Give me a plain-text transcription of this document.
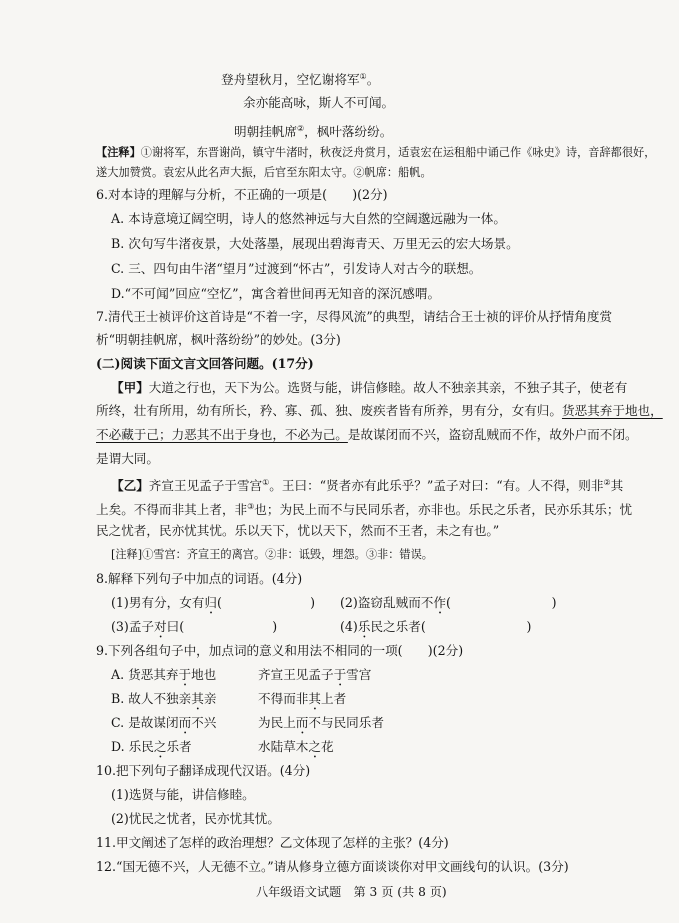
登舟望秋月，空忆谢将军①。
余亦能高咏，斯人不可闻。
明朝挂帆席②，枫叶落纷纷。
【注释】①谢将军，东晋谢尚，镇守牛渚时，秋夜泛舟赏月，适袁宏在运租船中诵己作《咏史》诗，音辞都很好，
遂大加赞赏。袁宏从此名声大振，后官至东阳太守。②帆席：船帆。
6.对本诗的理解与分析，不正确的一项是(　　)(2分)
A. 本诗意境辽阔空明，诗人的悠然神远与大自然的空阔邈远融为一体。
B. 次句写牛渚夜景，大处落墨，展现出碧海青天、万里无云的宏大场景。
C. 三、四句由牛渚“望月”过渡到“怀古”，引发诗人对古今的联想。
D.“不可闻”回应“空忆”，寓含着世间再无知音的深沉感喟。
7.清代王士祯评价这首诗是“不着一字，尽得风流”的典型，请结合王士祯的评价从抒情角度赏
析“明朝挂帆席，枫叶落纷纷”的妙处。(3分)
(二)阅读下面文言文回答问题。(17分)
【甲】大道之行也，天下为公。选贤与能，讲信修睦。故人不独亲其亲，不独子其子，使老有
所终，壮有所用，幼有所长，矜、寡、孤、独、废疾者皆有所养，男有分，女有归。货恶其弃于地也，
不必藏于己；力恶其不出于身也，不必为己。是故谋闭而不兴，盗窃乱贼而不作，故外户而不闭。
是谓大同。
【乙】齐宣王见孟子于雪宫①。王曰：“贤者亦有此乐乎？”孟子对曰：“有。人不得，则非②其
上矣。不得而非其上者，非③也；为民上而不与民同乐者，亦非也。乐民之乐者，民亦乐其乐；忧
民之忧者，民亦忧其忧。乐以天下，忧以天下，然而不王者，未之有也。”
[注释]①雪宫：齐宣王的离宫。②非：诋毁，埋怨。③非：错误。
8.解释下列句子中加点的词语。(4分)
(1)男有分，女有归(　　　　　　　) (2)盗窃乱贼而不作(　　　　　　　　)
(3)孟子对曰(　　　　　　　)	(4)乐民之乐者(　　　　　　　　)
9.下列各组句子中，加点词的意义和用法不相同的一项(　　)(2分)
A. 货恶其弃于地也	齐宣王见孟子于雪宫
B. 故人不独亲其亲	不得而非其上者
C. 是故谋闭而不兴	为民上而不与民同乐者
D. 乐民之乐者	水陆草木之花
10.把下列句子翻译成现代汉语。(4分)
(1)选贤与能，讲信修睦。
(2)忧民之忧者，民亦忧其忧。
11.甲文阐述了怎样的政治理想？乙文体现了怎样的主张？(4分)
12.“国无德不兴，人无德不立。”请从修身立德方面谈谈你对甲文画线句的认识。(3分)
八年级语文试题　第 3 页 (共 8 页)
